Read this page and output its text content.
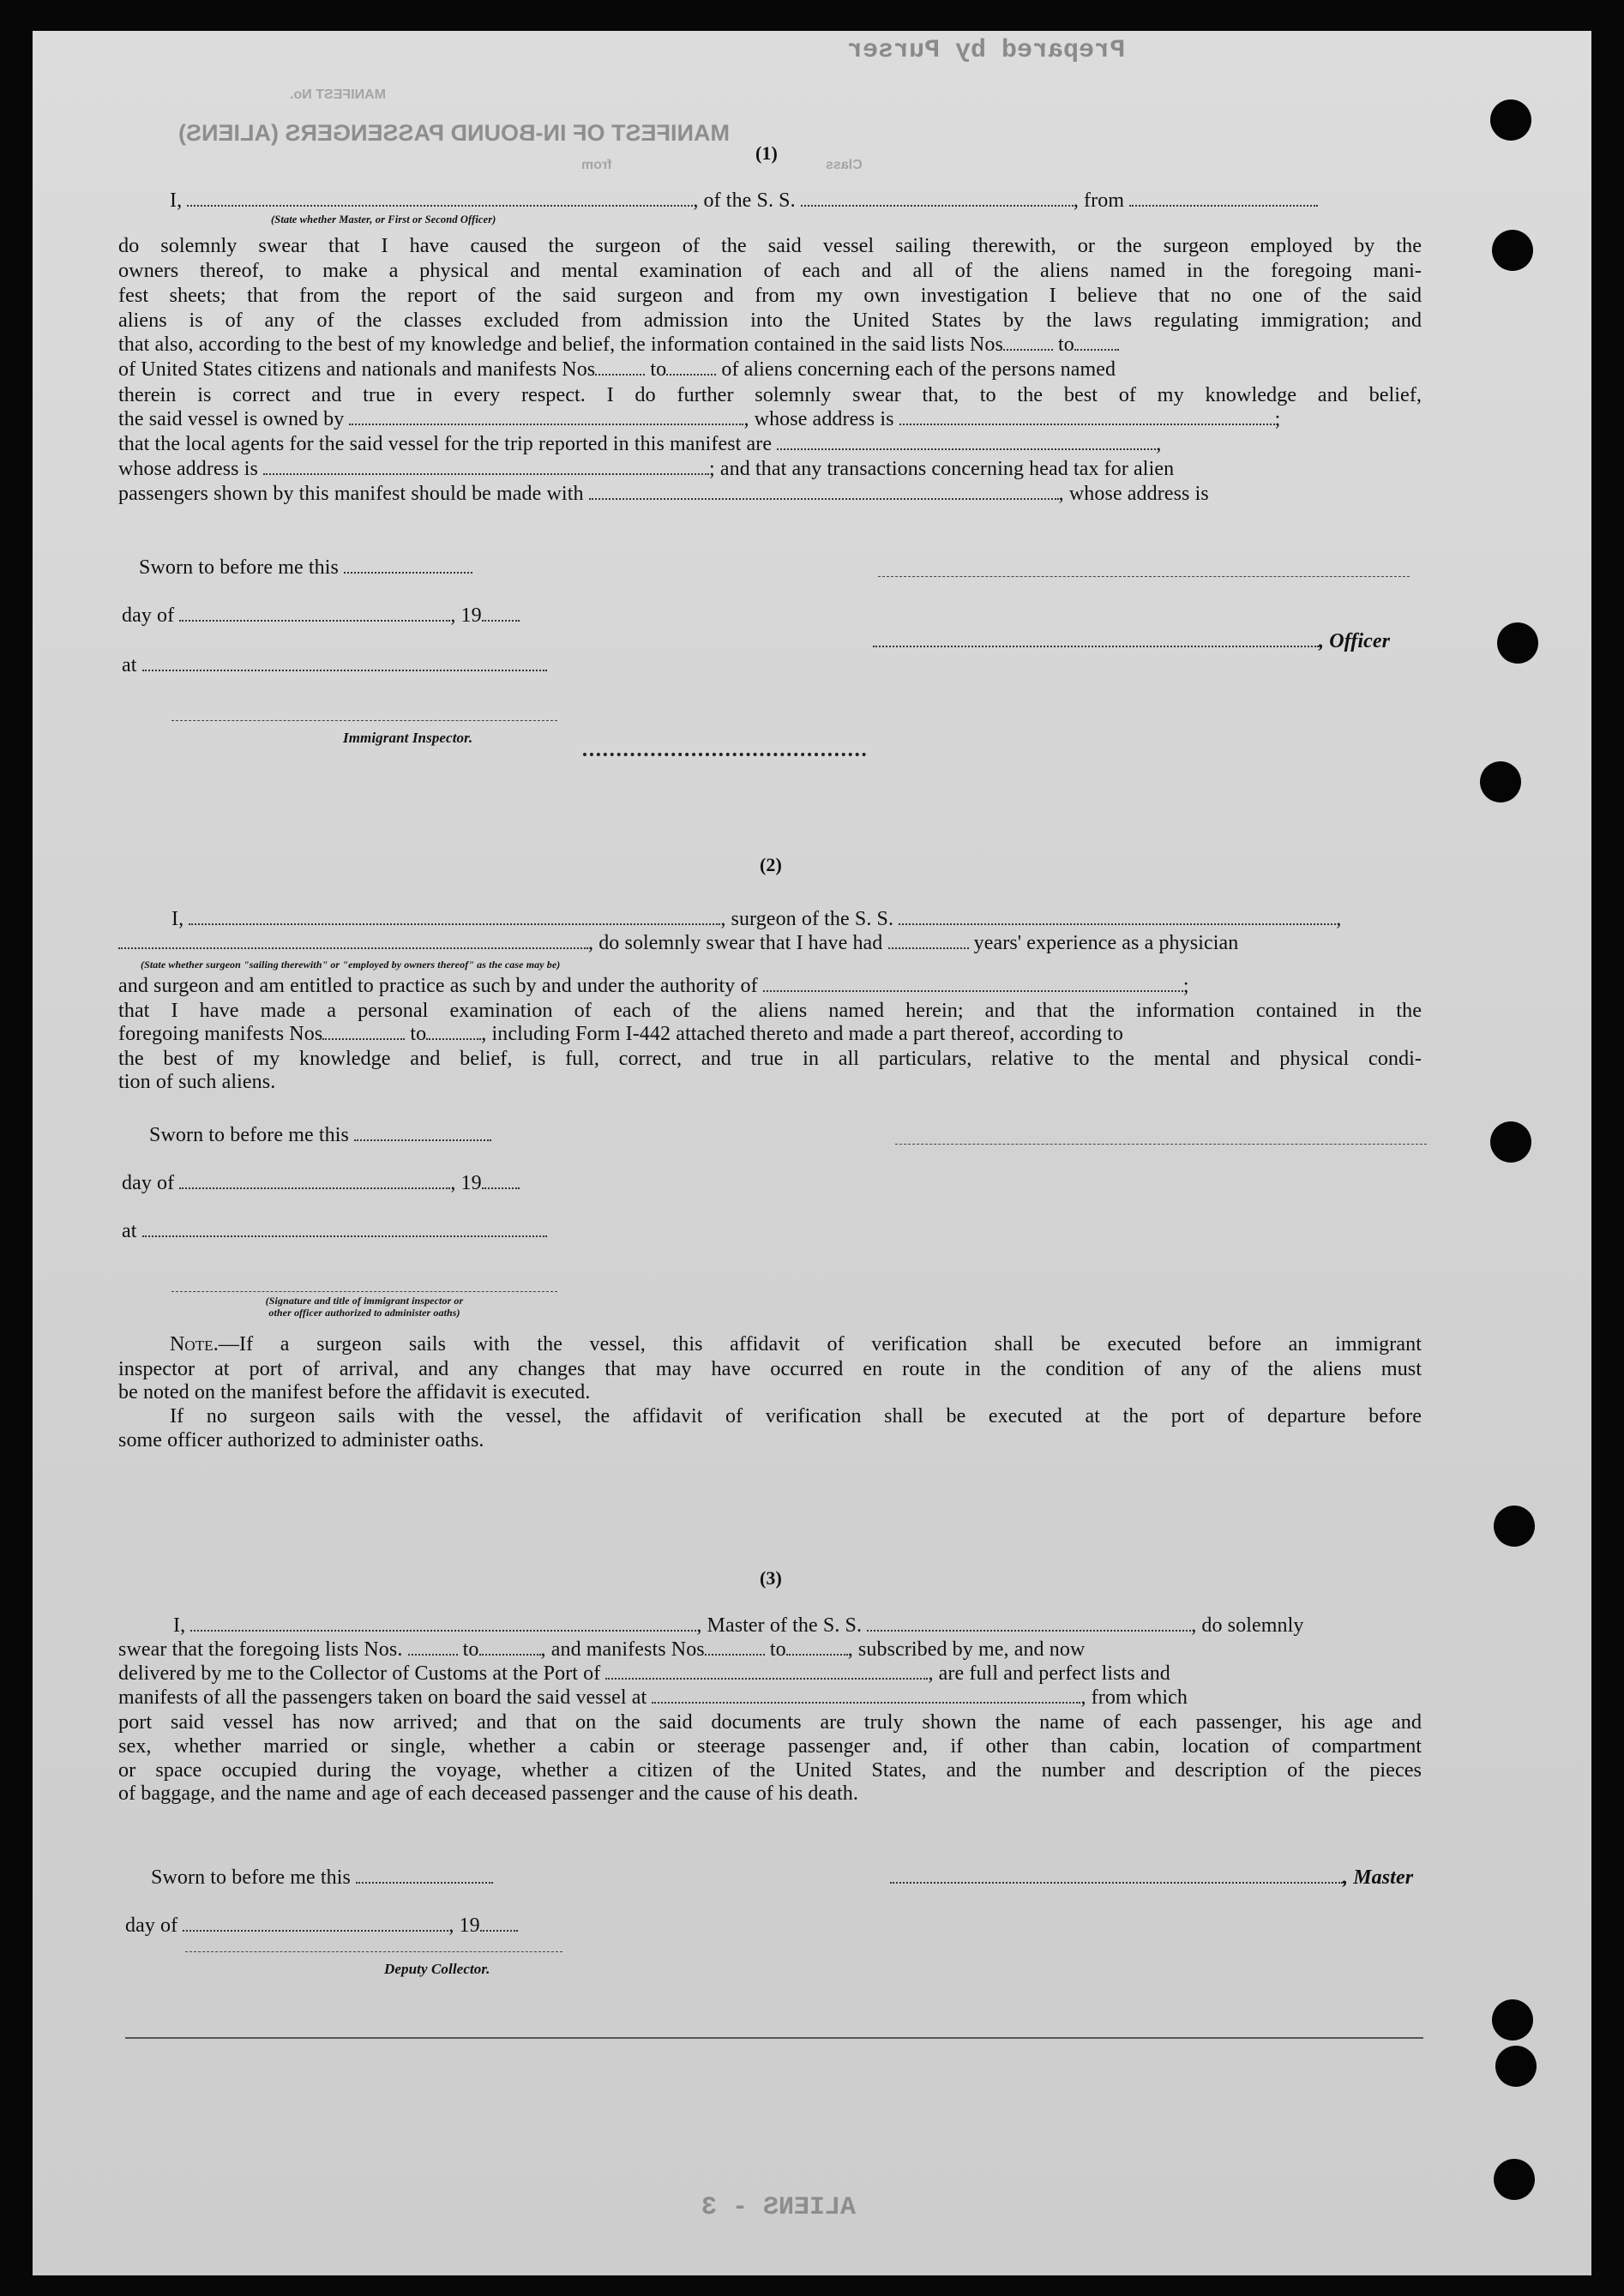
Prepared by Purser
MANIFEST OF IN-BOUND PASSENGERS (ALIENS)
MANIFEST No.
Class
from
(1)
I,	, of the S. S.	, from
(State whether Master, or First or Second Officer)
do solemnly swear that I have caused the surgeon of the said vessel sailing therewith, or the surgeon employed by the
owners thereof, to make a physical and mental examination of each and all of the aliens named in the foregoing mani-
fest sheets; that from the report of the said surgeon and from my own investigation I believe that no one of the said
aliens is of any of the classes excluded from admission into the United States by the laws regulating immigration; and
that also, according to the best of my knowledge and belief, the information contained in the said lists Nos	to
of United States citizens and nationals and manifests Nos	to	of aliens concerning each of the persons named
therein is correct and true in every respect. I do further solemnly swear that, to the best of my knowledge and belief,
the said vessel is owned by	, whose address is	;
that the local agents for the said vessel for the trip reported in this manifest are	,
whose address is	; and that any transactions concerning head tax for alien
passengers shown by this manifest should be made with	, whose address is
Sworn to before me this
day of	, 19
, Officer
at
Immigrant Inspector.
(2)
I,	, surgeon of the S. S.	,
, do solemnly swear that I have had	years' experience as a physician
(State whether surgeon "sailing therewith" or "employed by owners thereof" as the case may be)
and surgeon and am entitled to practice as such by and under the authority of	;
that I have made a personal examination of each of the aliens named herein; and that the information contained in the
foregoing manifests Nos	to	, including Form I-442 attached thereto and made a part thereof, according to
the best of my knowledge and belief, is full, correct, and true in all particulars, relative to the mental and physical condi-
tion of such aliens.
Sworn to before me this
day of	, 19
at
(Signature and title of immigrant inspector or
other officer authorized to administer oaths)
Note.—If a surgeon sails with the vessel, this affidavit of verification shall be executed before an immigrant
inspector at port of arrival, and any changes that may have occurred en route in the condition of any of the aliens must
be noted on the manifest before the affidavit is executed.
If no surgeon sails with the vessel, the affidavit of verification shall be executed at the port of departure before
some officer authorized to administer oaths.
(3)
I,	, Master of the S. S.	, do solemnly
swear that the foregoing lists Nos.	to	, and manifests Nos	to	, subscribed by me, and now
delivered by me to the Collector of Customs at the Port of	, are full and perfect lists and
manifests of all the passengers taken on board the said vessel at	, from which
port said vessel has now arrived; and that on the said documents are truly shown the name of each passenger, his age and
sex, whether married or single, whether a cabin or steerage passenger and, if other than cabin, location of compartment
or space occupied during the voyage, whether a citizen of the United States, and the number and description of the pieces
of baggage, and the name and age of each deceased passenger and the cause of his death.
Sworn to before me this	, Master
day of	, 19
Deputy Collector.
ALIENS - 3
